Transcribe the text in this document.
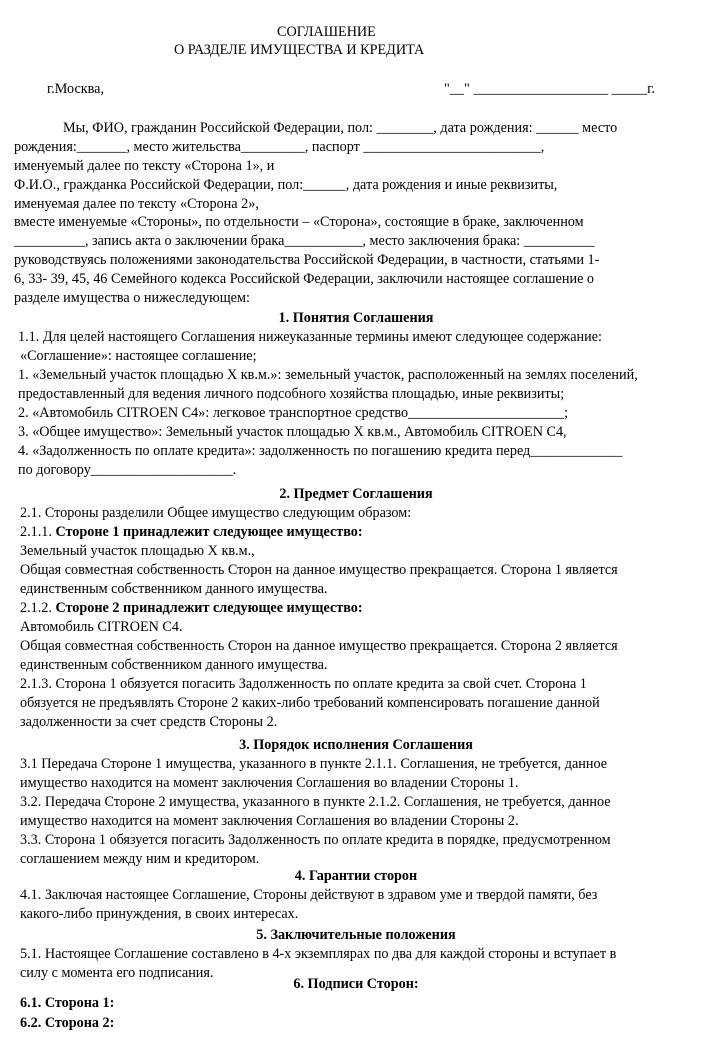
СОГЛАШЕНИЕ
О РАЗДЕЛЕ ИМУЩЕСТВА И КРЕДИТА
г.Москва,	"__" ___________________ _____г.
Мы, ФИО, гражданин Российской Федерации, пол: ________, дата рождения: ______ место
рождения:_______, место жительства_________, паспорт _________________________,
именуемый далее по тексту «Сторона 1», и
Ф.И.О., гражданка Российской Федерации, пол:______, дата рождения и иные реквизиты,
именуемая далее по тексту «Сторона 2»,
вместе именуемые «Стороны», по отдельности – «Сторона», состоящие в браке, заключенном
__________, запись акта о заключении брака___________, место заключения брака: __________
руководствуясь положениями законодательства Российской Федерации, в частности, статьями 1-
6, 33- 39, 45, 46 Семейного кодекса Российской Федерации, заключили настоящее соглашение о
разделе имущества о нижеследующем:
1. Понятия Соглашения
1.1. Для целей настоящего Соглашения нижеуказанные термины имеют следующее содержание:
«Соглашение»: настоящее соглашение;
1. «Земельный участок площадью Х кв.м.»: земельный участок, расположенный на землях поселений,
предоставленный для ведения личного подсобного хозяйства площадью, иные реквизиты;
2. «Автомобиль CITROEN C4»: легковое транспортное средство______________________;
3. «Общее имущество»: Земельный участок площадью Х кв.м., Автомобиль CITROEN C4,
4. «Задолженность по оплате кредита»: задолженность по погашению кредита перед_____________
по договору____________________.
2. Предмет Соглашения
2.1. Стороны разделили Общее имущество следующим образом:
2.1.1. Стороне 1 принадлежит следующее имущество:
Земельный участок площадью Х кв.м.,
Общая совместная собственность Сторон на данное имущество прекращается. Сторона 1 является
единственным собственником данного имущества.
2.1.2. Стороне 2 принадлежит следующее имущество:
Автомобиль CITROEN C4.
Общая совместная собственность Сторон на данное имущество прекращается. Сторона 2 является
единственным собственником данного имущества.
2.1.3. Сторона 1 обязуется погасить Задолженность по оплате кредита за свой счет. Сторона 1
обязуется не предъявлять Стороне 2 каких-либо требований компенсировать погашение данной
задолженности за счет средств Стороны 2.
3. Порядок исполнения Соглашения
3.1 Передача Стороне 1 имущества, указанного в пункте 2.1.1. Соглашения, не требуется, данное
имущество находится на момент заключения Соглашения во владении Стороны 1.
3.2. Передача Стороне 2 имущества, указанного в пункте 2.1.2. Соглашения, не требуется, данное
имущество находится на момент заключения Соглашения во владении Стороны 2.
3.3. Сторона 1 обязуется погасить Задолженность по оплате кредита в порядке, предусмотренном
соглашением между ним и кредитором.
4. Гарантии сторон
4.1. Заключая настоящее Соглашение, Стороны действуют в здравом уме и твердой памяти, без
какого-либо принуждения, в своих интересах.
5. Заключительные положения
5.1. Настоящее Соглашение составлено в 4-х экземплярах по два для каждой стороны и вступает в
силу с момента его подписания.
6. Подписи Сторон:
6.1. Сторона 1:
6.2. Сторона 2:
